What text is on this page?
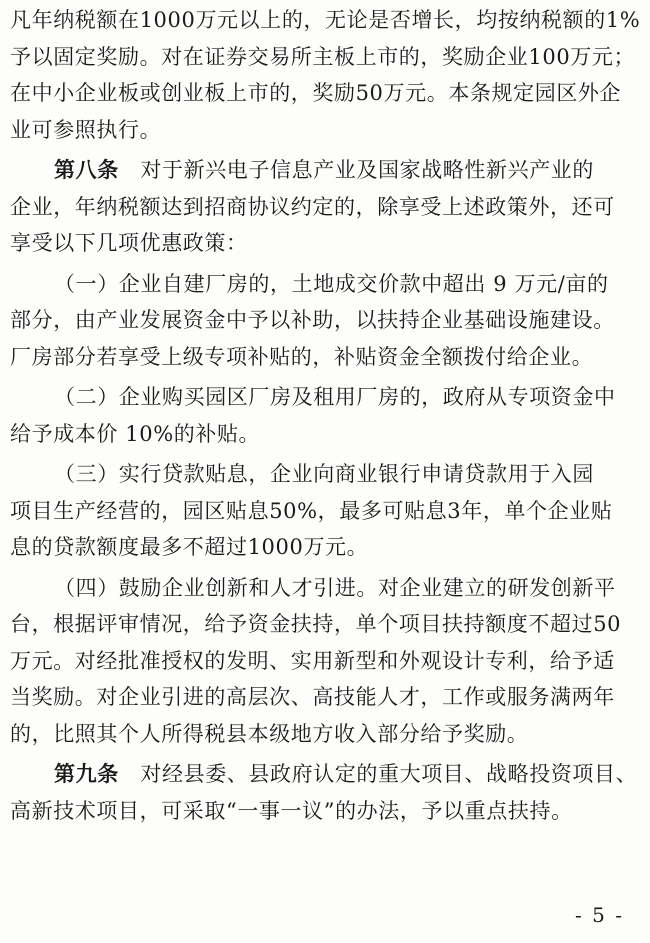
凡年纳税额在1000万元以上的，无论是否增长，均按纳税额的1%
予以固定奖励。对在证券交易所主板上市的，奖励企业100万元；
在中小企业板或创业板上市的，奖励50万元。本条规定园区外企
业可参照执行。
第八条　对于新兴电子信息产业及国家战略性新兴产业的
企业，年纳税额达到招商协议约定的，除享受上述政策外，还可
享受以下几项优惠政策：
（一）企业自建厂房的，土地成交价款中超出 9 万元/亩的
部分，由产业发展资金中予以补助，以扶持企业基础设施建设。
厂房部分若享受上级专项补贴的，补贴资金全额拨付给企业。
（二）企业购买园区厂房及租用厂房的，政府从专项资金中
给予成本价 10%的补贴。
（三）实行贷款贴息，企业向商业银行申请贷款用于入园
项目生产经营的，园区贴息50%，最多可贴息3年，单个企业贴
息的贷款额度最多不超过1000万元。
（四）鼓励企业创新和人才引进。对企业建立的研发创新平
台，根据评审情况，给予资金扶持，单个项目扶持额度不超过50
万元。对经批准授权的发明、实用新型和外观设计专利，给予适
当奖励。对企业引进的高层次、高技能人才，工作或服务满两年
的，比照其个人所得税县本级地方收入部分给予奖励。
第九条　对经县委、县政府认定的重大项目、战略投资项目、
高新技术项目，可采取“一事一议”的办法，予以重点扶持。
- 5 -
